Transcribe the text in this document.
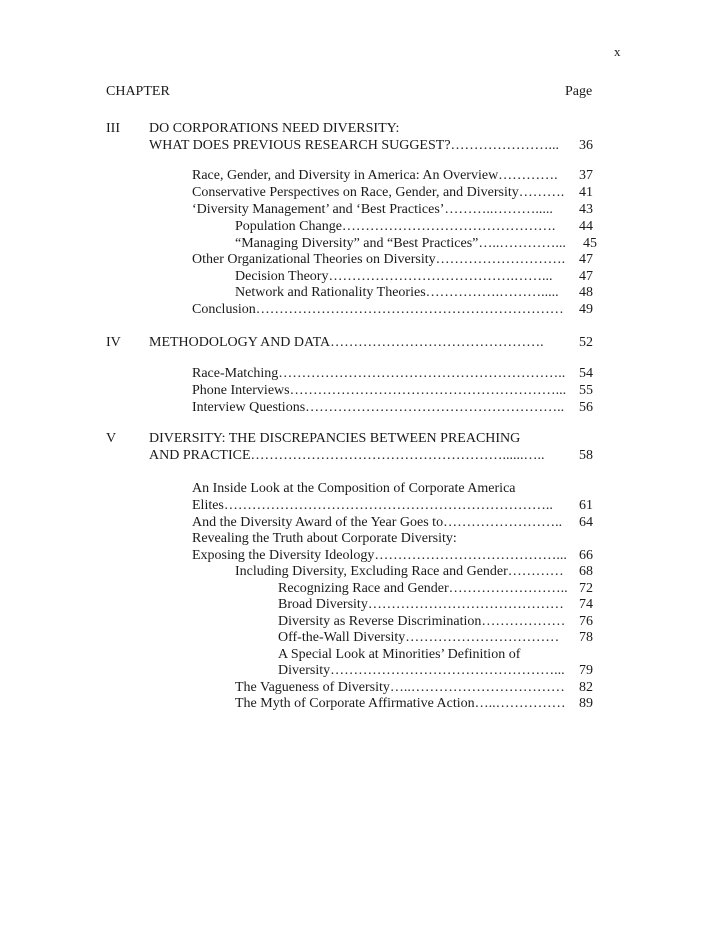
x
CHAPTER	Page
III DO CORPORATIONS NEED DIVERSITY:
WHAT DOES PREVIOUS RESEARCH SUGGEST?…………………... 36
Race, Gender, and Diversity in America: An Overview…………. 37
Conservative Perspectives on Race, Gender, and Diversity………. 41
‘Diversity Management’ and ‘Best Practices’………..………..... 43
Population Change………………………………………. 44
“Managing Diversity” and “Best Practices”…..…………... 45
Other Organizational Theories on Diversity………………………. 47
Decision Theory………………………………….……... 47
Network and Rationality Theories…………….………..... 48
Conclusion………………………………………………………… 49
IV METHODOLOGY AND DATA……………………………………….	52
Race-Matching…………………………………………………….. 54
Phone Interviews…………………………………………………... 55
Interview Questions……………………………………………….. 56
V DIVERSITY: THE DISCREPANCIES BETWEEN PREACHING
AND PRACTICE………………………………………………......….. 58
An Inside Look at the Composition of Corporate America
Elites…………………………………………………………….. 61
And the Diversity Award of the Year Goes to…………………….. 64
Revealing the Truth about Corporate Diversity:
Exposing the Diversity Ideology…………………………………... 66
Including Diversity, Excluding Race and Gender………… 68
Recognizing Race and Gender…………………….. 72
Broad Diversity…………………………………… 74
Diversity as Reverse Discrimination……………… 76
Off-the-Wall Diversity…………………………… 78
A Special Look at Minorities’ Definition of
Diversity…………………………………………... 79
The Vagueness of Diversity…..…………………………… 82
The Myth of Corporate Affirmative Action…..…………… 89
